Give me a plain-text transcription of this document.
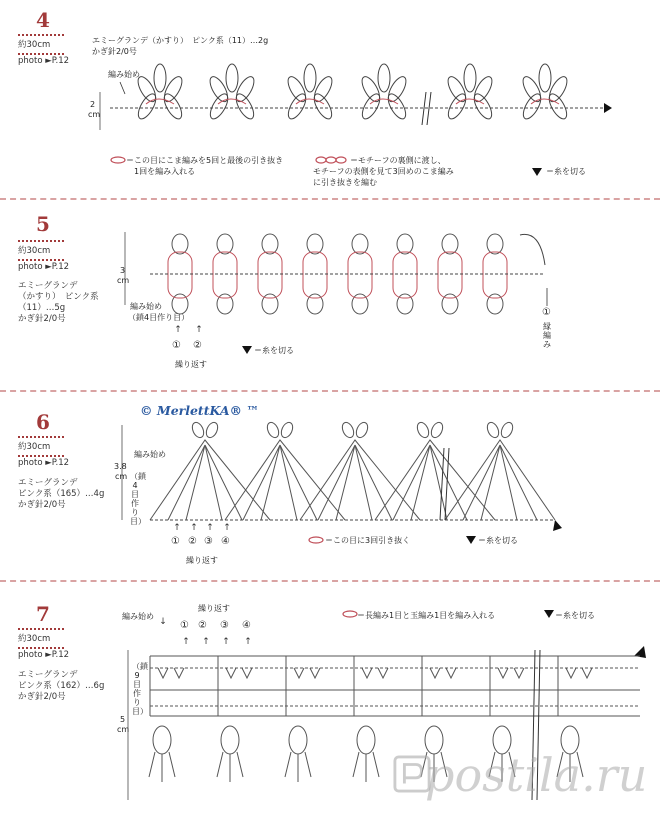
4
約30cm
photo ►P.12
エミーグランデ（かすり）　ピンク系（11）…2g
かぎ針2/0号
編み始め
2
cm
＝この目にこま編みを5回と最後の引き抜き
1回を編み入れる
＝モチーフの裏側に渡し、
モチーフの表側を見て3回めのこま編み
に引き抜きを編む
＝糸を切る
5
約30cm
photo ►P.12
エミーグランデ
（かすり）　ピンク系
（11）…5g
かぎ針2/0号
3
cm
編み始め
（鎖4目作り目）
↑ ↑
① ②
繰り返す
＝糸を切る
①
縁編み
© MerlettKA® ™
6
約30cm
photo ►P.12
エミーグランデ
ピンク系（165）…4g
かぎ針2/0号
編み始め
（鎖4目作り目）
3.8
cm
↑ ↑ ↑ ↑
① ② ③ ④
繰り返す
＝この目に3回引き抜く	＝糸を切る
7
約30cm
photo ►P.12
エミーグランデ
ピンク系（162）…6g
かぎ針2/0号
編み始め
（鎖9目作り目）
繰り返す
① ② ③ ④
5
cm
＝長編み1目と玉編み1目を編み入れる	＝糸を切る
↓
↑ ↑ ↑ ↑
postila.ru
